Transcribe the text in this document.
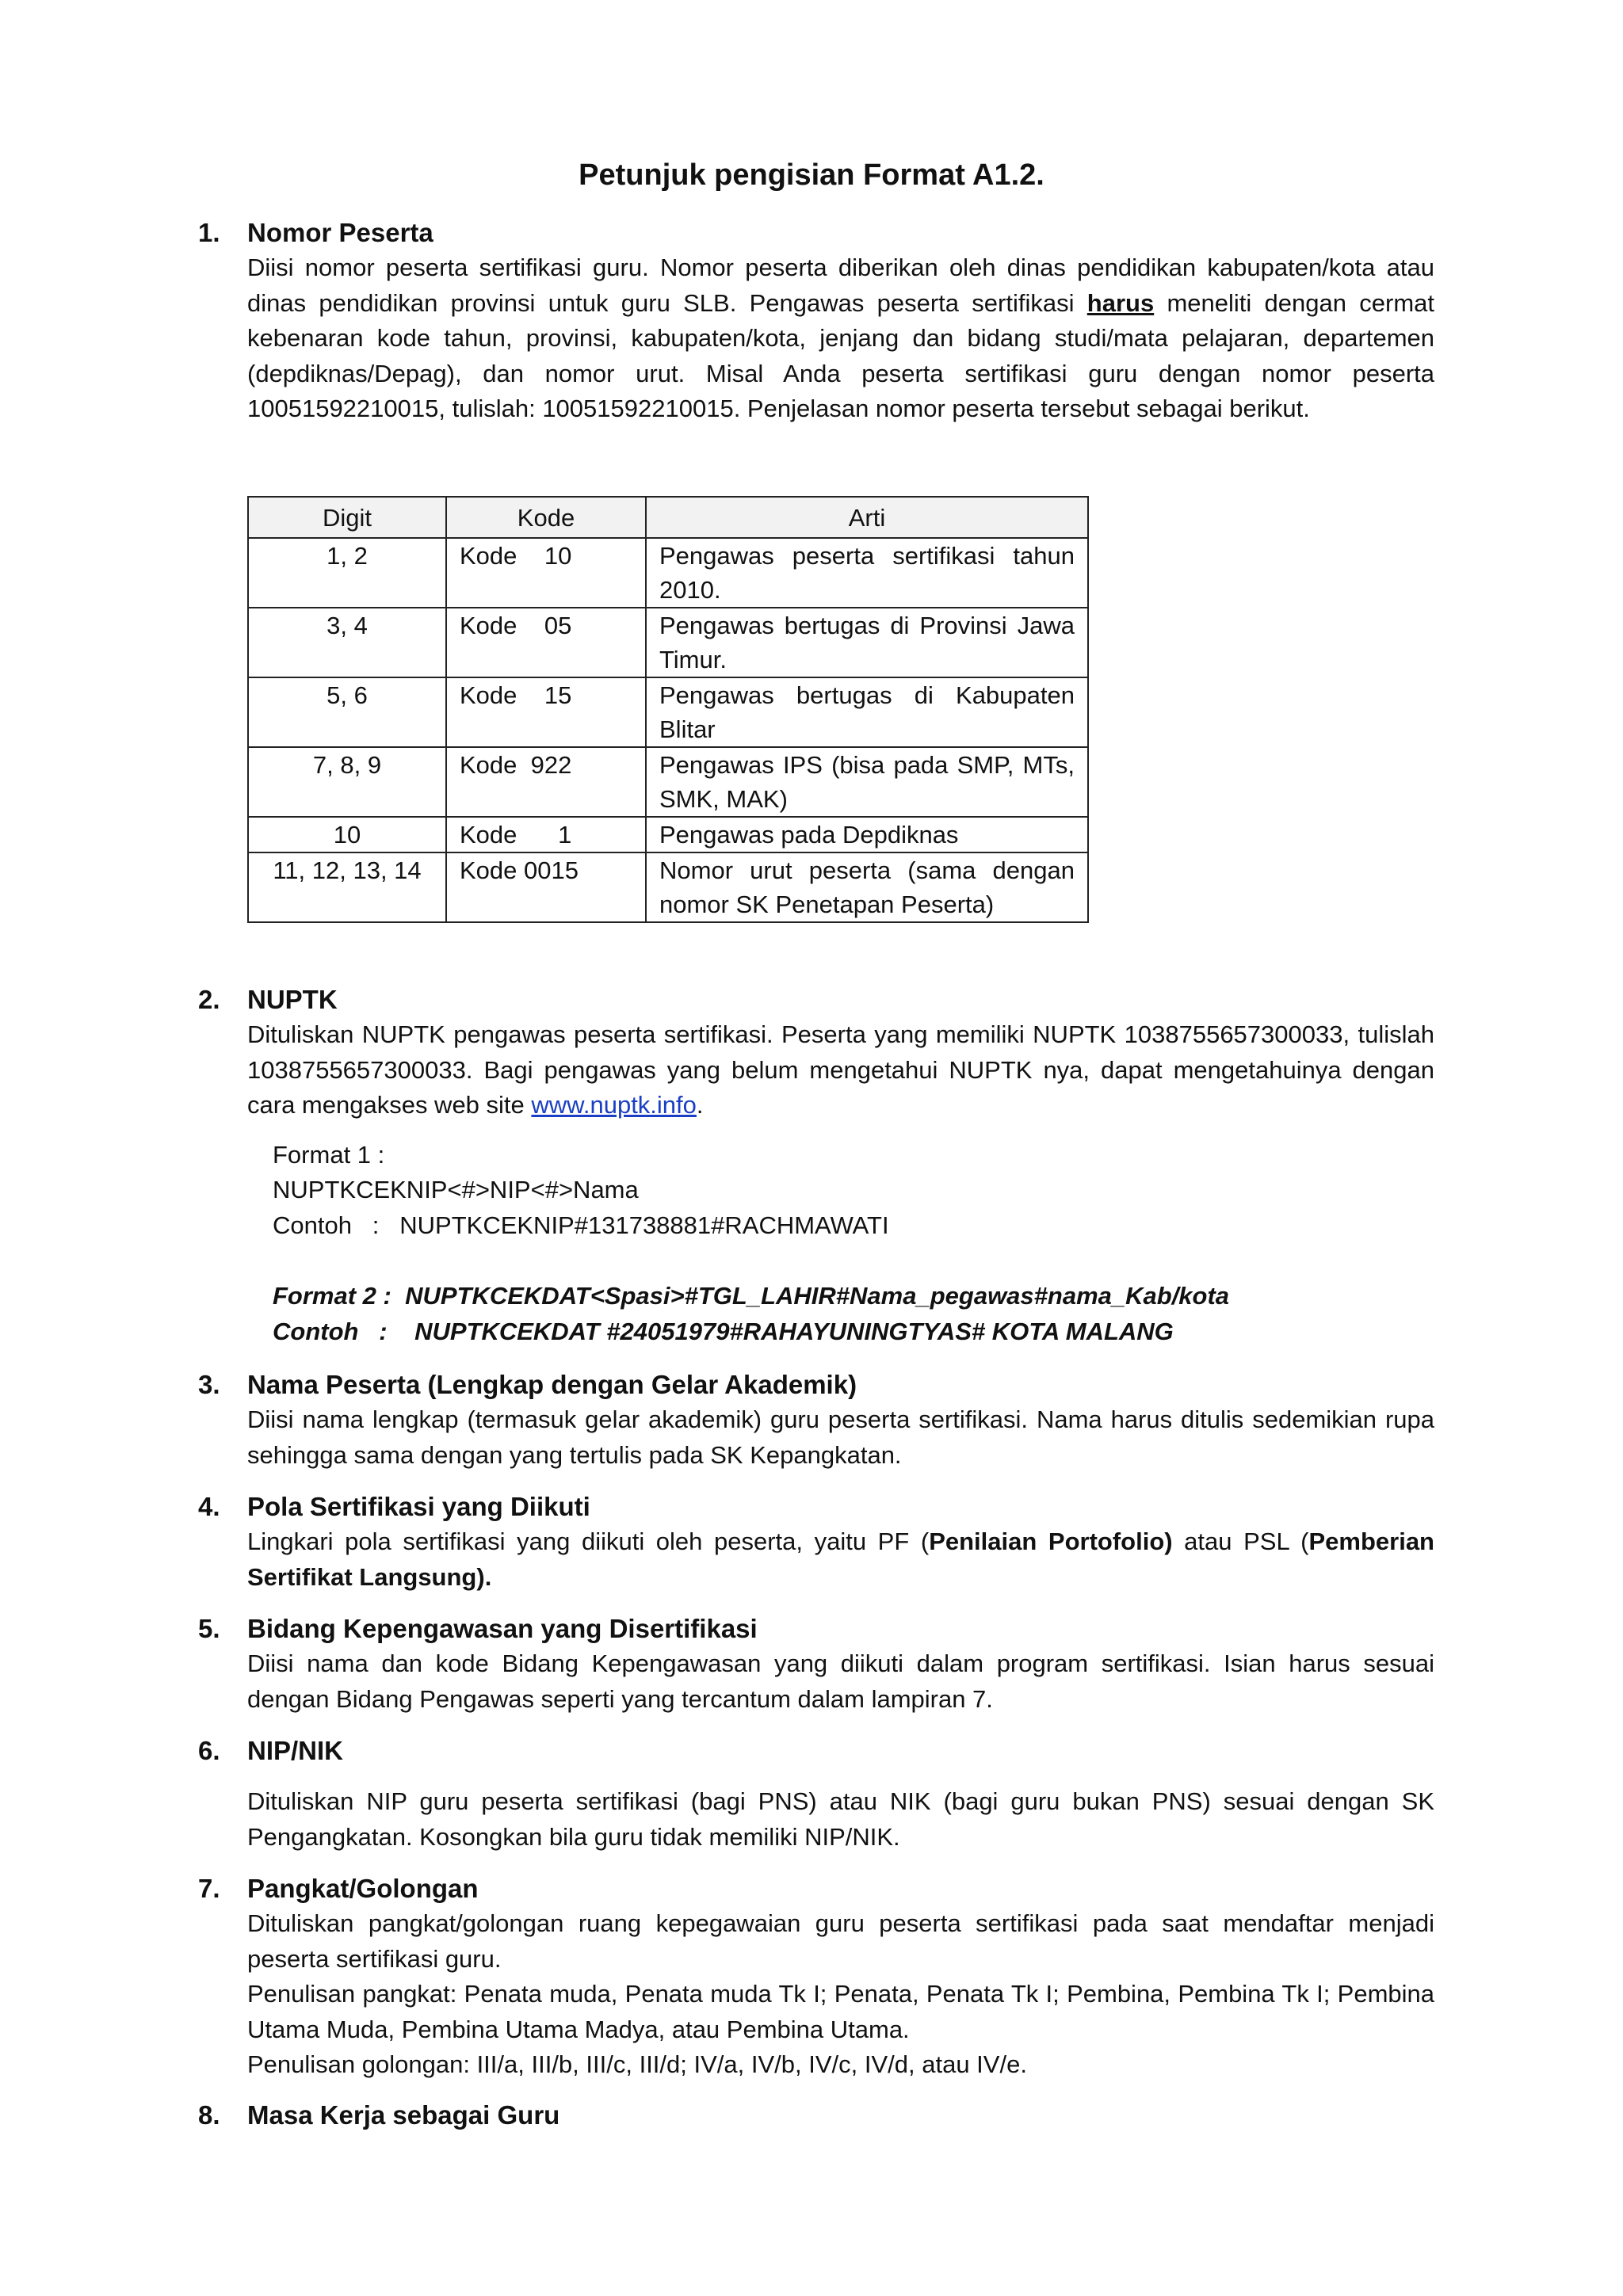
Petunjuk pengisian Format A1.2.
1. Nomor Peserta
Diisi nomor peserta sertifikasi guru. Nomor peserta diberikan oleh dinas pendidikan kabupaten/kota atau dinas pendidikan provinsi untuk guru SLB. Pengawas peserta sertifikasi harus meneliti dengan cermat kebenaran kode tahun, provinsi, kabupaten/kota, jenjang dan bidang studi/mata pelajaran, departemen (depdiknas/Depag), dan nomor urut. Misal Anda peserta sertifikasi guru dengan nomor peserta 10051592210015, tulislah: 10051592210015. Penjelasan nomor peserta tersebut sebagai berikut.
Digit	Kode	Arti
1, 2	Kode    10	Pengawas peserta sertifikasi tahun 2010.
3, 4	Kode    05	Pengawas bertugas di Provinsi Jawa Timur.
5, 6	Kode    15	Pengawas bertugas di Kabupaten Blitar
7, 8, 9	Kode  922	Pengawas IPS (bisa pada SMP, MTs, SMK, MAK)
10	Kode      1	Pengawas pada Depdiknas
11, 12, 13, 14	Kode 0015	Nomor urut peserta (sama dengan nomor SK Penetapan Peserta)
2. NUPTK
Dituliskan NUPTK pengawas peserta sertifikasi. Peserta yang memiliki NUPTK 1038755657300033, tulislah 1038755657300033. Bagi pengawas yang belum mengetahui NUPTK nya, dapat mengetahuinya dengan cara mengakses web site www.nuptk.info.
Format 1 :
NUPTKCEKNIP<#>NIP<#>Nama
Contoh   :   NUPTKCEKNIP#131738881#RACHMAWATI
Format 2 :  NUPTKCEKDAT<Spasi>#TGL_LAHIR#Nama_pegawas#nama_Kab/kota
Contoh   :    NUPTKCEKDAT #24051979#RAHAYUNINGTYAS# KOTA MALANG
3. Nama Peserta (Lengkap dengan Gelar Akademik)
Diisi nama lengkap (termasuk gelar akademik) guru peserta sertifikasi. Nama harus ditulis sedemikian rupa sehingga sama dengan yang tertulis pada SK Kepangkatan.
4. Pola Sertifikasi yang Diikuti
Lingkari pola sertifikasi yang diikuti oleh peserta, yaitu PF (Penilaian Portofolio) atau PSL (Pemberian Sertifikat Langsung).
5. Bidang Kepengawasan yang Disertifikasi
Diisi nama dan kode Bidang Kepengawasan yang diikuti dalam program sertifikasi. Isian harus sesuai dengan Bidang Pengawas seperti yang tercantum dalam lampiran 7.
6. NIP/NIK
Dituliskan NIP guru peserta sertifikasi (bagi PNS) atau NIK (bagi guru bukan PNS) sesuai dengan SK Pengangkatan. Kosongkan bila guru tidak memiliki NIP/NIK.
7. Pangkat/Golongan

Dituliskan pangkat/golongan ruang kepegawaian guru peserta sertifikasi pada saat mendaftar menjadi peserta sertifikasi guru.

Penulisan pangkat: Penata muda, Penata muda Tk I; Penata, Penata Tk I; Pembina, Pembina Tk I; Pembina Utama Muda, Pembina Utama Madya, atau Pembina Utama.

Penulisan golongan: III/a, III/b, III/c, III/d; IV/a, IV/b, IV/c, IV/d, atau IV/e.

8. Masa Kerja sebagai Guru
